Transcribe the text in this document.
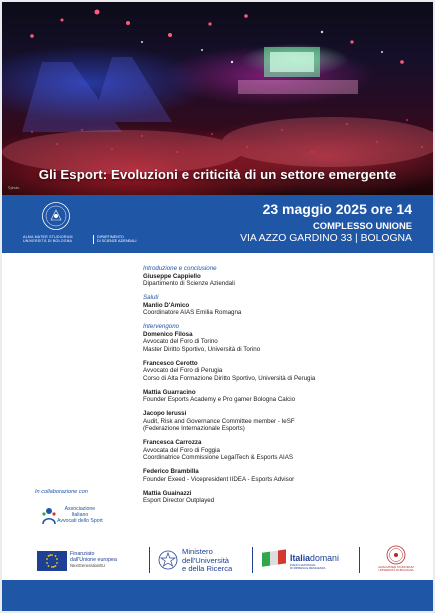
Gli Esport: Evoluzioni e criticità di un settore emergente
©photo
ALMA MATER STUDIORUM
UNIVERSITÀ DI BOLOGNA
DIPARTIMENTO
DI SCIENZE AZIENDALI
23 maggio 2025 ore 14
COMPLESSO UNIONE
VIA AZZO GARDINO 33 | BOLOGNA
Introduzione e conclusione
Giuseppe Cappiello
Dipartimento di Scienze Aziendali
Saluti
Manlio D'Amico
Coordinatore AIAS Emilia Romagna
Intervengono
Domenico Filosa
Avvocato del Foro di Torino
Master Diritto Sportivo, Università di Torino
Francesco Cerotto
Avvocato del Foro di Perugia
Corso di Alta Formazione Diritto Sportivo, Università di Perugia
Mattia Guarracino
Founder Esports Academy e Pro gamer Bologna Calcio
Jacopo Ierussi
Audit, Risk and Governance Committee member - IeSF
(Federazione Internazionale Esports)
Francesca Carrozza
Avvocata del Foro di Foggia
Coordinatrice Commissione LegalTech & Esports AIAS
Federico Brambilla
Founder Exeed - Vicepresident IIDEA - Esports Advisor
Mattia Guainazzi
Esport Director Outplayed
In collaborazione con
Associazione
Italiano
Avvocati dello Sport
Finanziato
dall'Unione europea
NextGenerationEU
Ministero
dell'Università
e della Ricerca
Italiadomani
PIANO NAZIONALE
DI RIPRESA E RESILIENZA	ALMA MATER STUDIORUM
UNIVERSITÀ DI BOLOGNA
